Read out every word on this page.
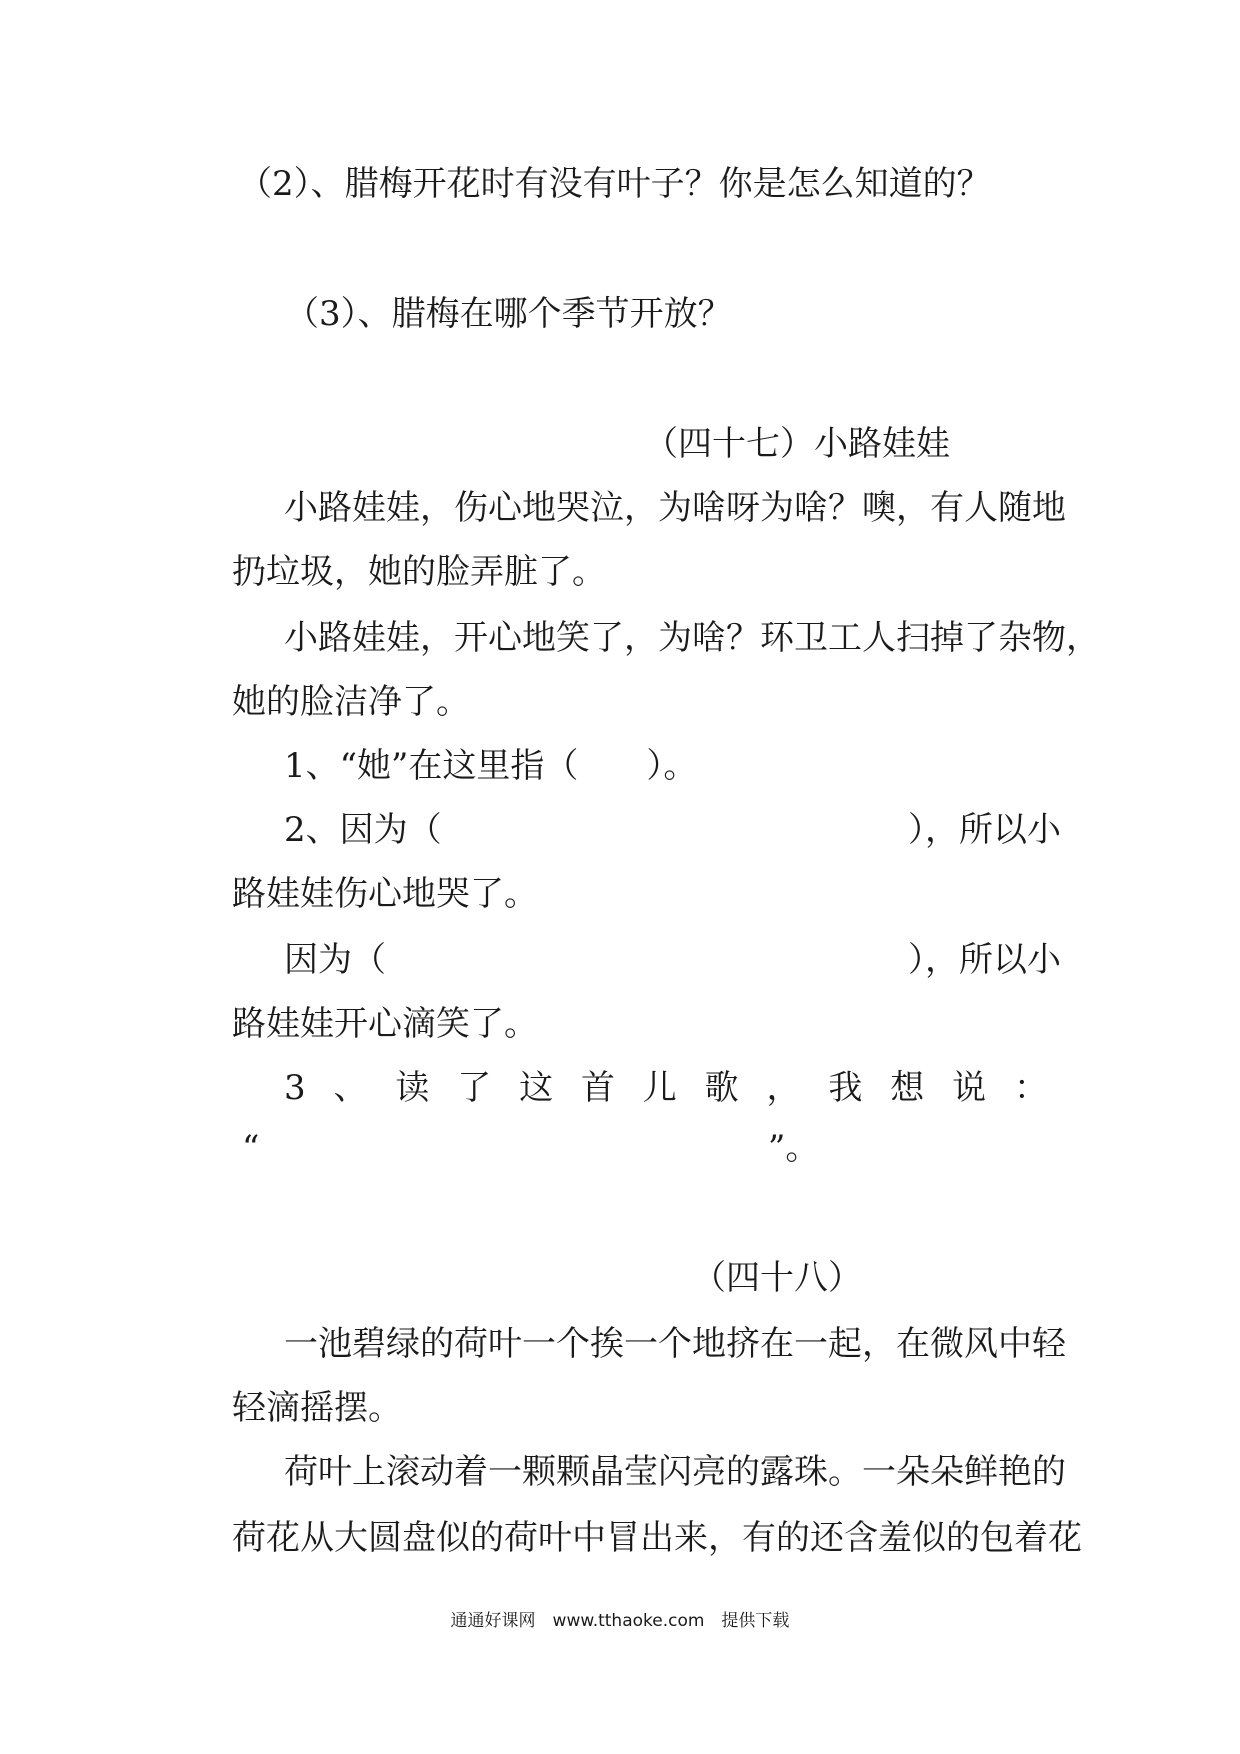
（2）、腊梅开花时有没有叶子？你是怎么知道的？
（3）、腊梅在哪个季节开放？
（四十七）小路娃娃
小路娃娃，伤心地哭泣，为啥呀为啥？噢，有人随地
扔垃圾，她的脸弄脏了。
小路娃娃，开心地笑了，为啥？环卫工人扫掉了杂物，
她的脸洁净了。
1、“她”在这里指（　　）。
2、因为（	），所以小
路娃娃伤心地哭了。
因为（	），所以小
路娃娃开心滴笑了。
3 、 读 了 这 首 儿 歌 ， 我 想 说 ：
“	”。
（四十八）
一池碧绿的荷叶一个挨一个地挤在一起，在微风中轻
轻滴摇摆。
荷叶上滚动着一颗颗晶莹闪亮的露珠。一朵朵鲜艳的
荷花从大圆盘似的荷叶中冒出来，有的还含羞似的包着花
通通好课网　www.tthaoke.com　提供下载
